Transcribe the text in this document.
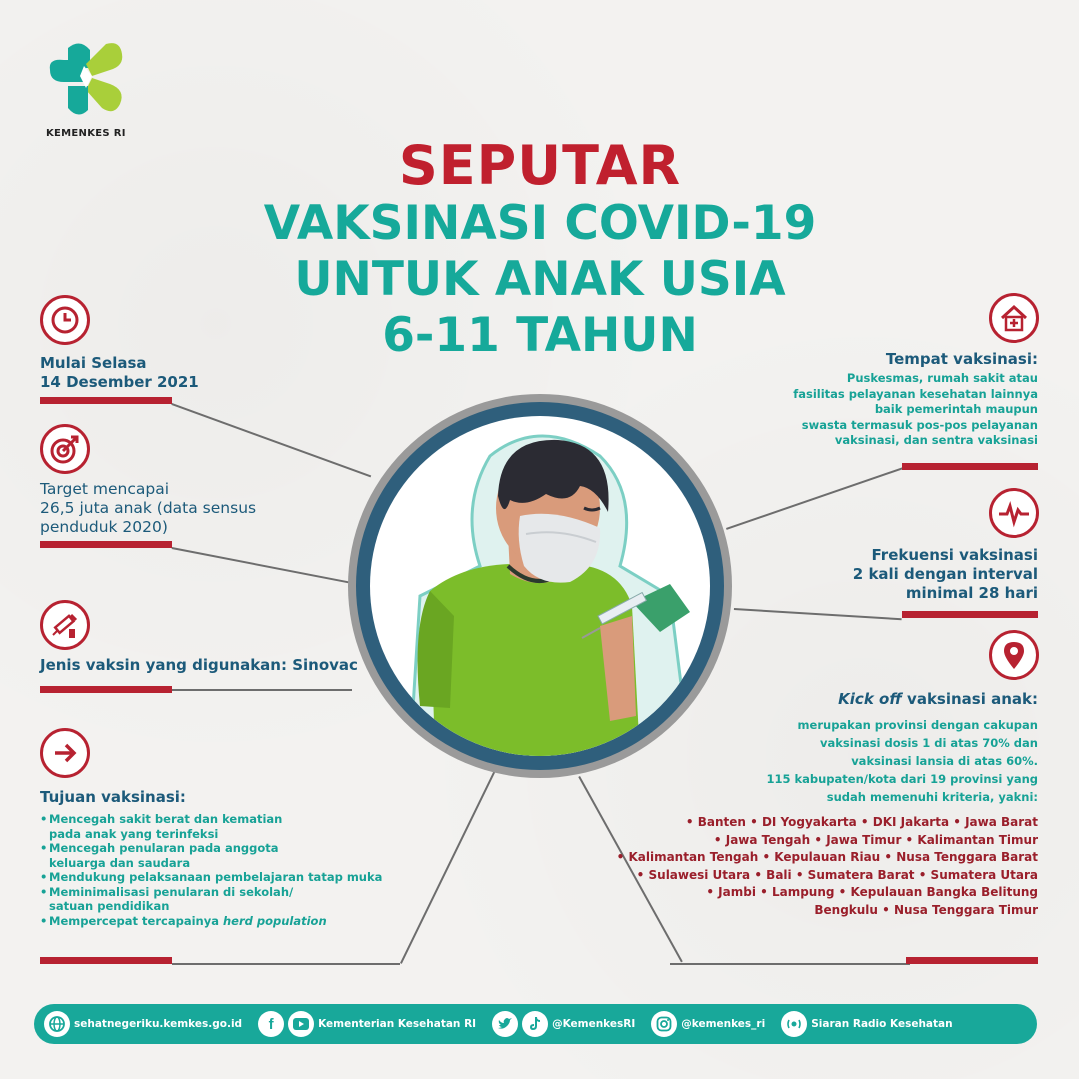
KEMENKES RI
SEPUTAR
VAKSINASI COVID-19
UNTUK ANAK USIA
6-11 TAHUN
Mulai Selasa
14 Desember 2021
Target mencapai
26,5 juta anak (data sensus
penduduk 2020)
Jenis vaksin yang digunakan: Sinovac
Tujuan vaksinasi:
• Mencegah sakit berat dan kematian
pada anak yang terinfeksi
• Mencegah penularan pada anggota
keluarga dan saudara
• Mendukung pelaksanaan pembelajaran tatap muka
• Meminimalisasi penularan di sekolah/
satuan pendidikan
• Mempercepat tercapainya herd population
Tempat vaksinasi:
Puskesmas, rumah sakit atau
fasilitas pelayanan kesehatan lainnya
baik pemerintah maupun
swasta termasuk pos-pos pelayanan
vaksinasi, dan sentra vaksinasi
Frekuensi vaksinasi
2 kali dengan interval
minimal 28 hari
Kick off vaksinasi anak:
merupakan provinsi dengan cakupan
vaksinasi dosis 1 di atas 70% dan
vaksinasi lansia di atas 60%.
115 kabupaten/kota dari 19 provinsi yang
sudah memenuhi kriteria, yakni:
• Banten • DI Yogyakarta • DKI Jakarta • Jawa Barat
• Jawa Tengah • Jawa Timur • Kalimantan Timur
• Kalimantan Tengah • Kepulauan Riau • Nusa Tenggara Barat
• Sulawesi Utara • Bali • Sumatera Barat • Sumatera Utara
• Jambi • Lampung • Kepulauan Bangka Belitung
Bengkulu • Nusa Tenggara Timur
sehatnegeriku.kemkes.go.id	f	Kementerian Kesehatan RI	@KemenkesRI	@kemenkes_ri	Siaran Radio Kesehatan
